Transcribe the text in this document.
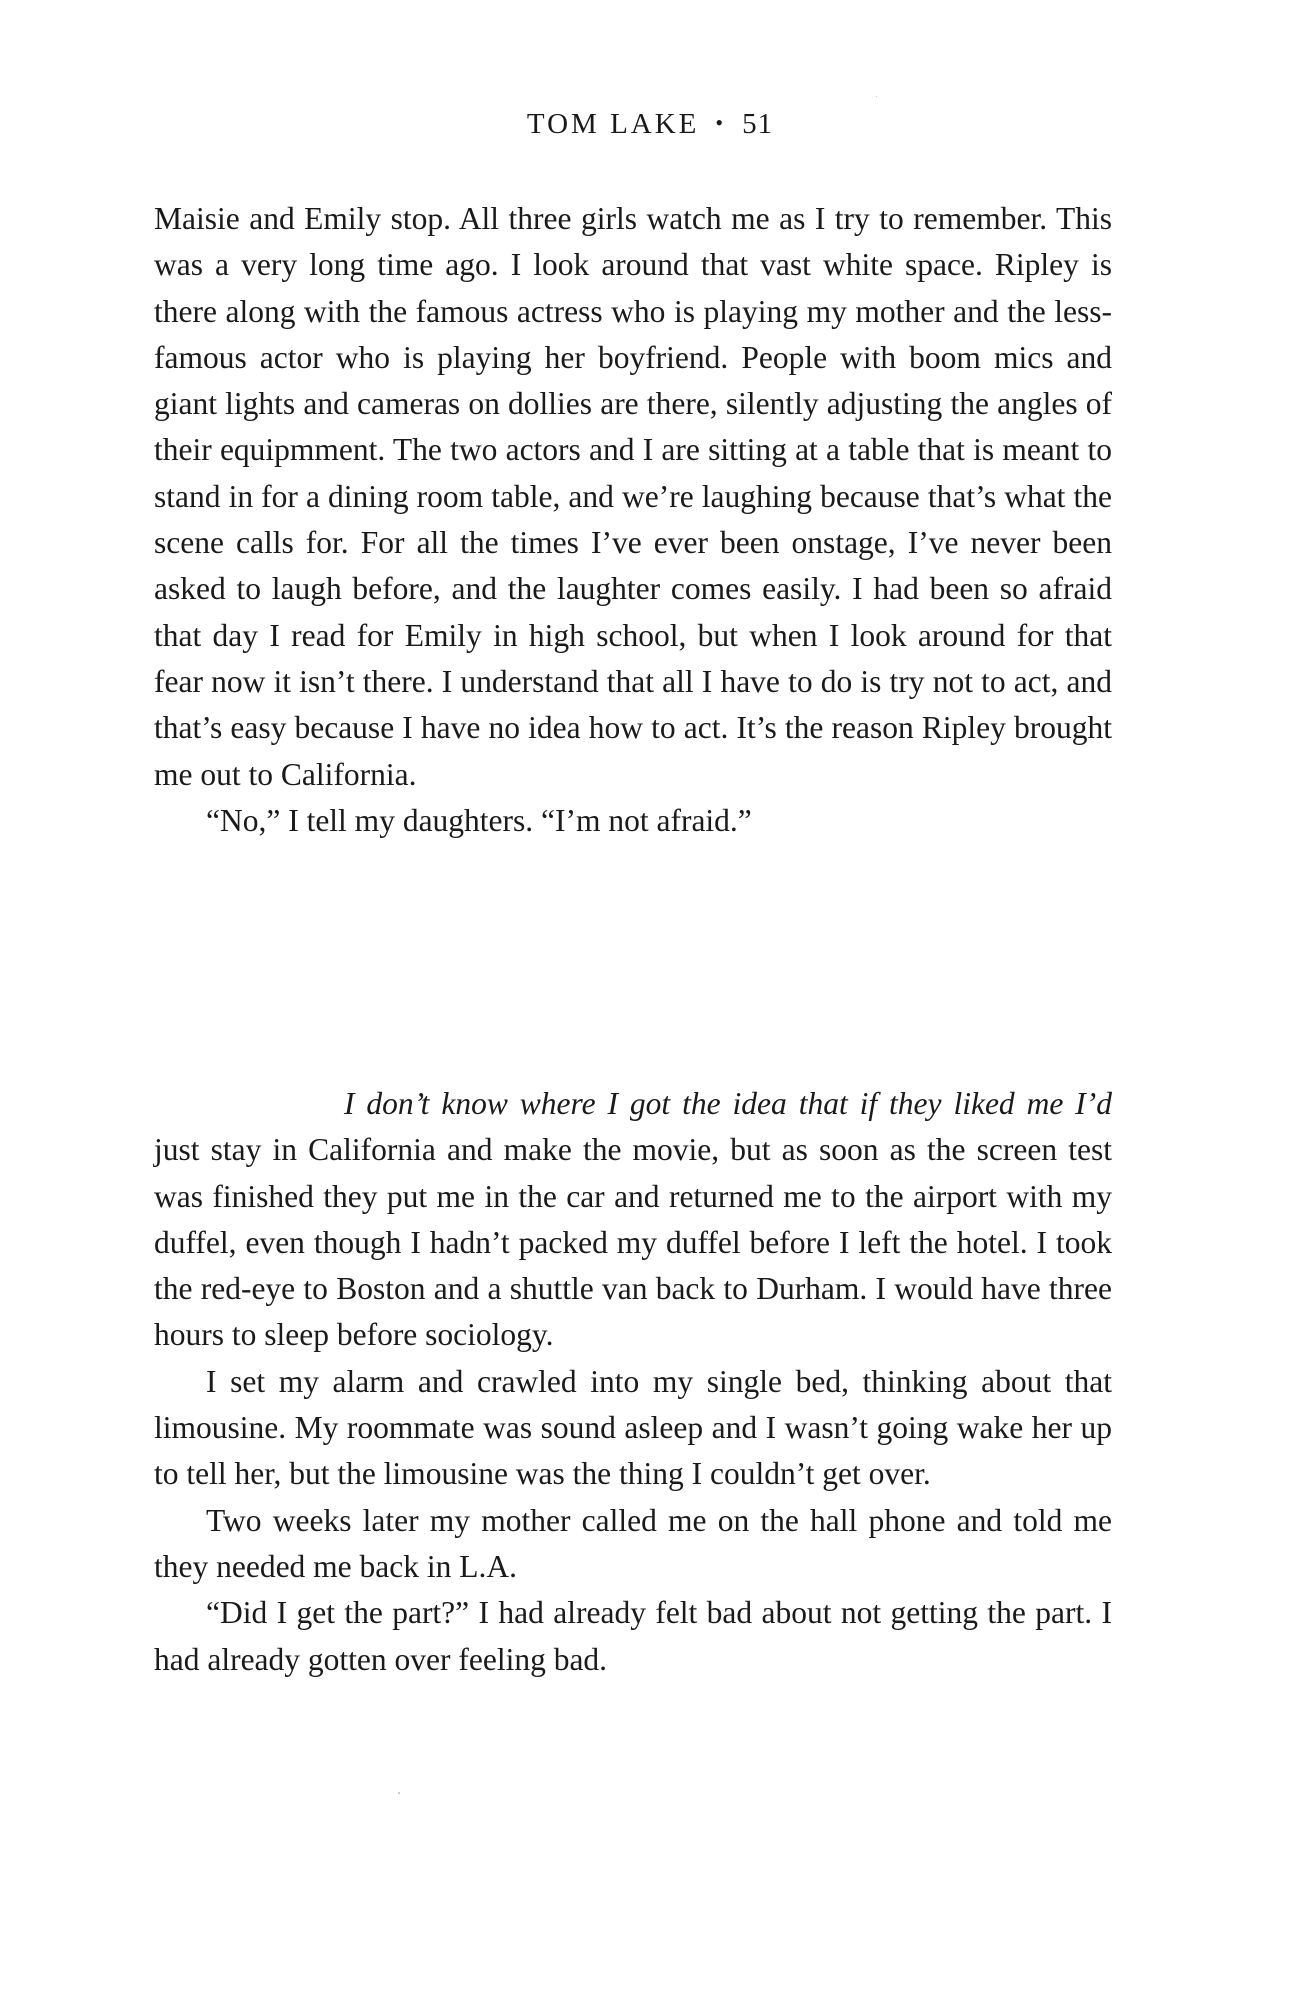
TOM LAKE • 51

Maisie and Emily stop. All three girls watch me as I try to remember. This was a very long time ago. I look around that vast white space. Ripley is there along with the famous actress who is playing my mother and the less-famous actor who is playing her boyfriend. People with boom mics and giant lights and cameras on dollies are there, silently adjusting the angles of their equipmment. The two actors and I are sitting at a table that is meant to stand in for a dining room table, and we’re laughing because that’s what the scene calls for. For all the times I’ve ever been onstage, I’ve never been asked to laugh before, and the laughter comes easily. I had been so afraid that day I read for Emily in high school, but when I look around for that fear now it isn’t there. I understand that all I have to do is try not to act, and that’s easy because I have no idea how to act. It’s the reason Ripley brought me out to California.

“No,” I tell my daughters. “I’m not afraid.”

I don’t know where I got the idea that if they liked me I’d just stay in California and make the movie, but as soon as the screen test was finished they put me in the car and returned me to the airport with my duffel, even though I hadn’t packed my duffel before I left the hotel. I took the red-eye to Boston and a shuttle van back to Durham. I would have three hours to sleep before sociology.

I set my alarm and crawled into my single bed, thinking about that limousine. My roommate was sound asleep and I wasn’t going wake her up to tell her, but the limousine was the thing I couldn’t get over.

Two weeks later my mother called me on the hall phone and told me they needed me back in L.A.

“Did I get the part?” I had already felt bad about not getting the part. I had already gotten over feeling bad.
